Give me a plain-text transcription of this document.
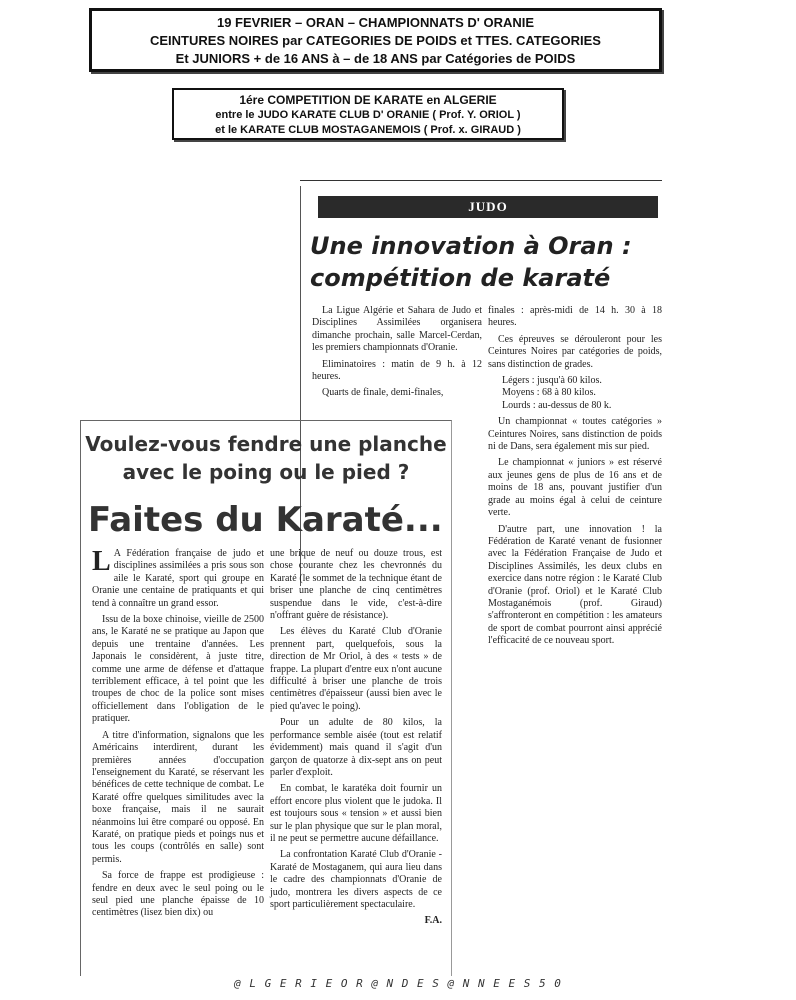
19 FEVRIER – ORAN – CHAMPIONNATS D' ORANIE
CEINTURES NOIRES par CATEGORIES DE POIDS et TTES. CATEGORIES
Et JUNIORS + de 16 ANS à – de 18 ANS par Catégories de POIDS
1ére COMPETITION DE KARATE en ALGERIE
entre le JUDO KARATE CLUB D' ORANIE ( Prof. Y. ORIOL )
et le KARATE CLUB MOSTAGANEMOIS ( Prof. x. GIRAUD )
JUDO
Une innovation à Oran :
compétition de karaté

La Ligue Algérie et Sahara de Judo et Disciplines Assimilées organisera dimanche prochain, salle Marcel-Cerdan, les premiers championnats d'Oranie.

Eliminatoires : matin de 9 h. à 12 heures.

Quarts de finale, demi-finales,

finales : après-midi de 14 h. 30 à 18 heures.

Ces épreuves se dérouleront pour les Ceintures Noires par catégories de poids, sans distinction de grades.

Légers : jusqu'à 60 kilos.

Moyens : 68 à 80 kilos.

Lourds : au-dessus de 80 k.

Un championnat « toutes catégories » Ceintures Noires, sans distinction de poids ni de Dans, sera également mis sur pied.

Le championnat « juniors » est réservé aux jeunes gens de plus de 16 ans et de moins de 18 ans, pouvant justifier d'un grade au moins égal à celui de ceinture verte.

D'autre part, une innovation ! la Fédération de Karaté venant de fusionner avec la Fédération Française de Judo et Disciplines Assimilés, les deux clubs en exercice dans notre région : le Karaté Club d'Oranie (prof. Oriol) et le Karaté Club Mostaganémois (prof. Giraud) s'affronteront en compétition : les amateurs de sport de combat pourront ainsi apprécié l'efficacité de ce nouveau sport.

Voulez-vous fendre une planche
avec le poing ou le pied ?
Faites du Karaté...

L A Fédération française de judo et disciplines assimilées a pris sous son aile le Karaté, sport qui groupe en Oranie une centaine de pratiquants et qui tend à connaître un grand essor.

Issu de la boxe chinoise, vieille de 2500 ans, le Karaté ne se pratique au Japon que depuis une trentaine d'années. Les Japonais le considèrent, à juste titre, comme une arme de défense et d'attaque terriblement efficace, à tel point que les troupes de choc de la police sont mises officiellement dans l'obligation de le pratiquer.

A titre d'information, signalons que les Américains interdirent, durant les premières années d'occupation l'enseignement du Karaté, se réservant les bénéfices de cette technique de combat. Le Karaté offre quelques similitudes avec la boxe française, mais il ne saurait néanmoins lui être comparé ou opposé. En Karaté, on pratique pieds et poings nus et tous les coups (contrôlés en salle) sont permis.

Sa force de frappe est prodigieuse : fendre en deux avec le seul poing ou le seul pied une planche épaisse de 10 centimètres (lisez bien dix) ou

une brique de neuf ou douze trous, est chose courante chez les chevronnés du Karaté (le sommet de la technique étant de briser une planche de cinq centimètres suspendue dans le vide, c'est-à-dire n'offrant guère de résistance).

Les élèves du Karaté Club d'Oranie prennent part, quelquefois, sous la direction de Mr Oriol, à des « tests » de frappe. La plupart d'entre eux n'ont aucune difficulté à briser une planche de trois centimètres d'épaisseur (aussi bien avec le pied qu'avec le poing).

Pour un adulte de 80 kilos, la performance semble aisée (tout est relatif évidemment) mais quand il s'agit d'un garçon de quatorze à dix-sept ans on peut parler d'exploit.

En combat, le karatéka doit fournir un effort encore plus violent que le judoka. Il est toujours sous « tension » et aussi bien sur le plan physique que sur le plan moral, il ne peut se permettre aucune défaillance.

La confrontation Karaté Club d'Oranie - Karaté de Mostaganem, qui aura lieu dans le cadre des championnats d'Oranie de judo, montrera les divers aspects de ce sport particulièrement spectaculaire.

F.A.

@ L G E R I E O R @ N D E S @ N N E E S 5 0
